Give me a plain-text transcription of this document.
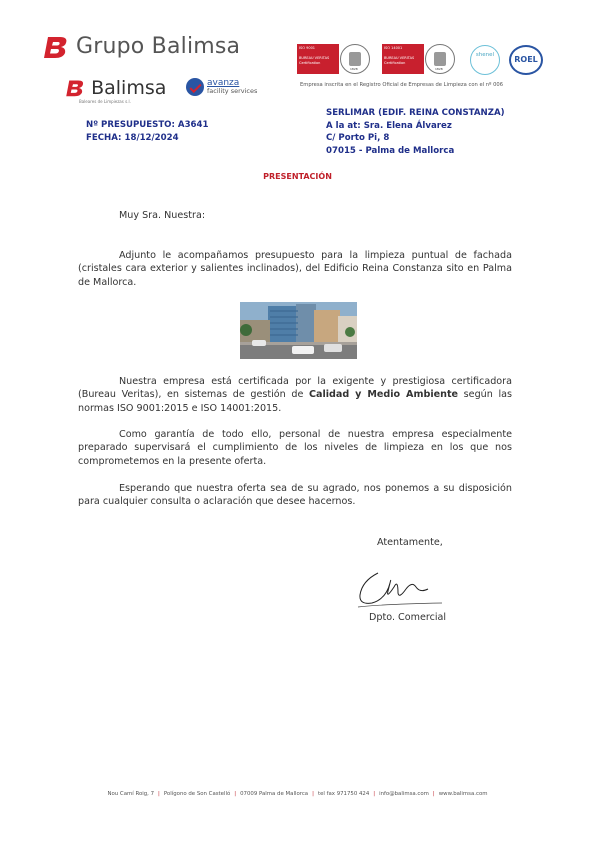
Grupo Balimsa
Balimsa
Baleares de Limpiezas s.l.
avanza
facility services
ISO 9001
BUREAU VERITAS
Certification
1828
ISO 14001
BUREAU VERITAS
Certification
1828
shenel	ROEL
Empresa inscrita en el Registro Oficial de Empresas de Limpieza con el nº 006
SERLIMAR (EDIF. REINA CONSTANZA)
A la at: Sra. Elena Álvarez
C/ Porto Pi, 8
07015 - Palma de Mallorca
Nº PRESUPUESTO: A3641
FECHA: 18/12/2024
PRESENTACIÓN
Muy Sra. Nuestra:

Adjunto le acompañamos presupuesto para la limpieza puntual de fachada (cristales cara exterior y salientes inclinados), del Edificio Reina Constanza sito en Palma de Mallorca.

Nuestra empresa está certificada por la exigente y prestigiosa certificadora (Bureau Veritas), en sistemas de gestión de Calidad y Medio Ambiente según las normas ISO 9001:2015 e ISO 14001:2015.

Como garantía de todo ello, personal de nuestra empresa especialmente preparado supervisará el cumplimiento de los niveles de limpieza en los que nos comprometemos en la presente oferta.

Esperando que nuestra oferta sea de su agrado, nos ponemos a su disposición para cualquier consulta o aclaración que desee hacernos.

Atentamente,
Dpto. Comercial
Nou Camí Roig, 7 | Polígono de Son Castelló | 07009 Palma de Mallorca | tel fax 971750 424 | info@balimsa.com | www.balimsa.com
